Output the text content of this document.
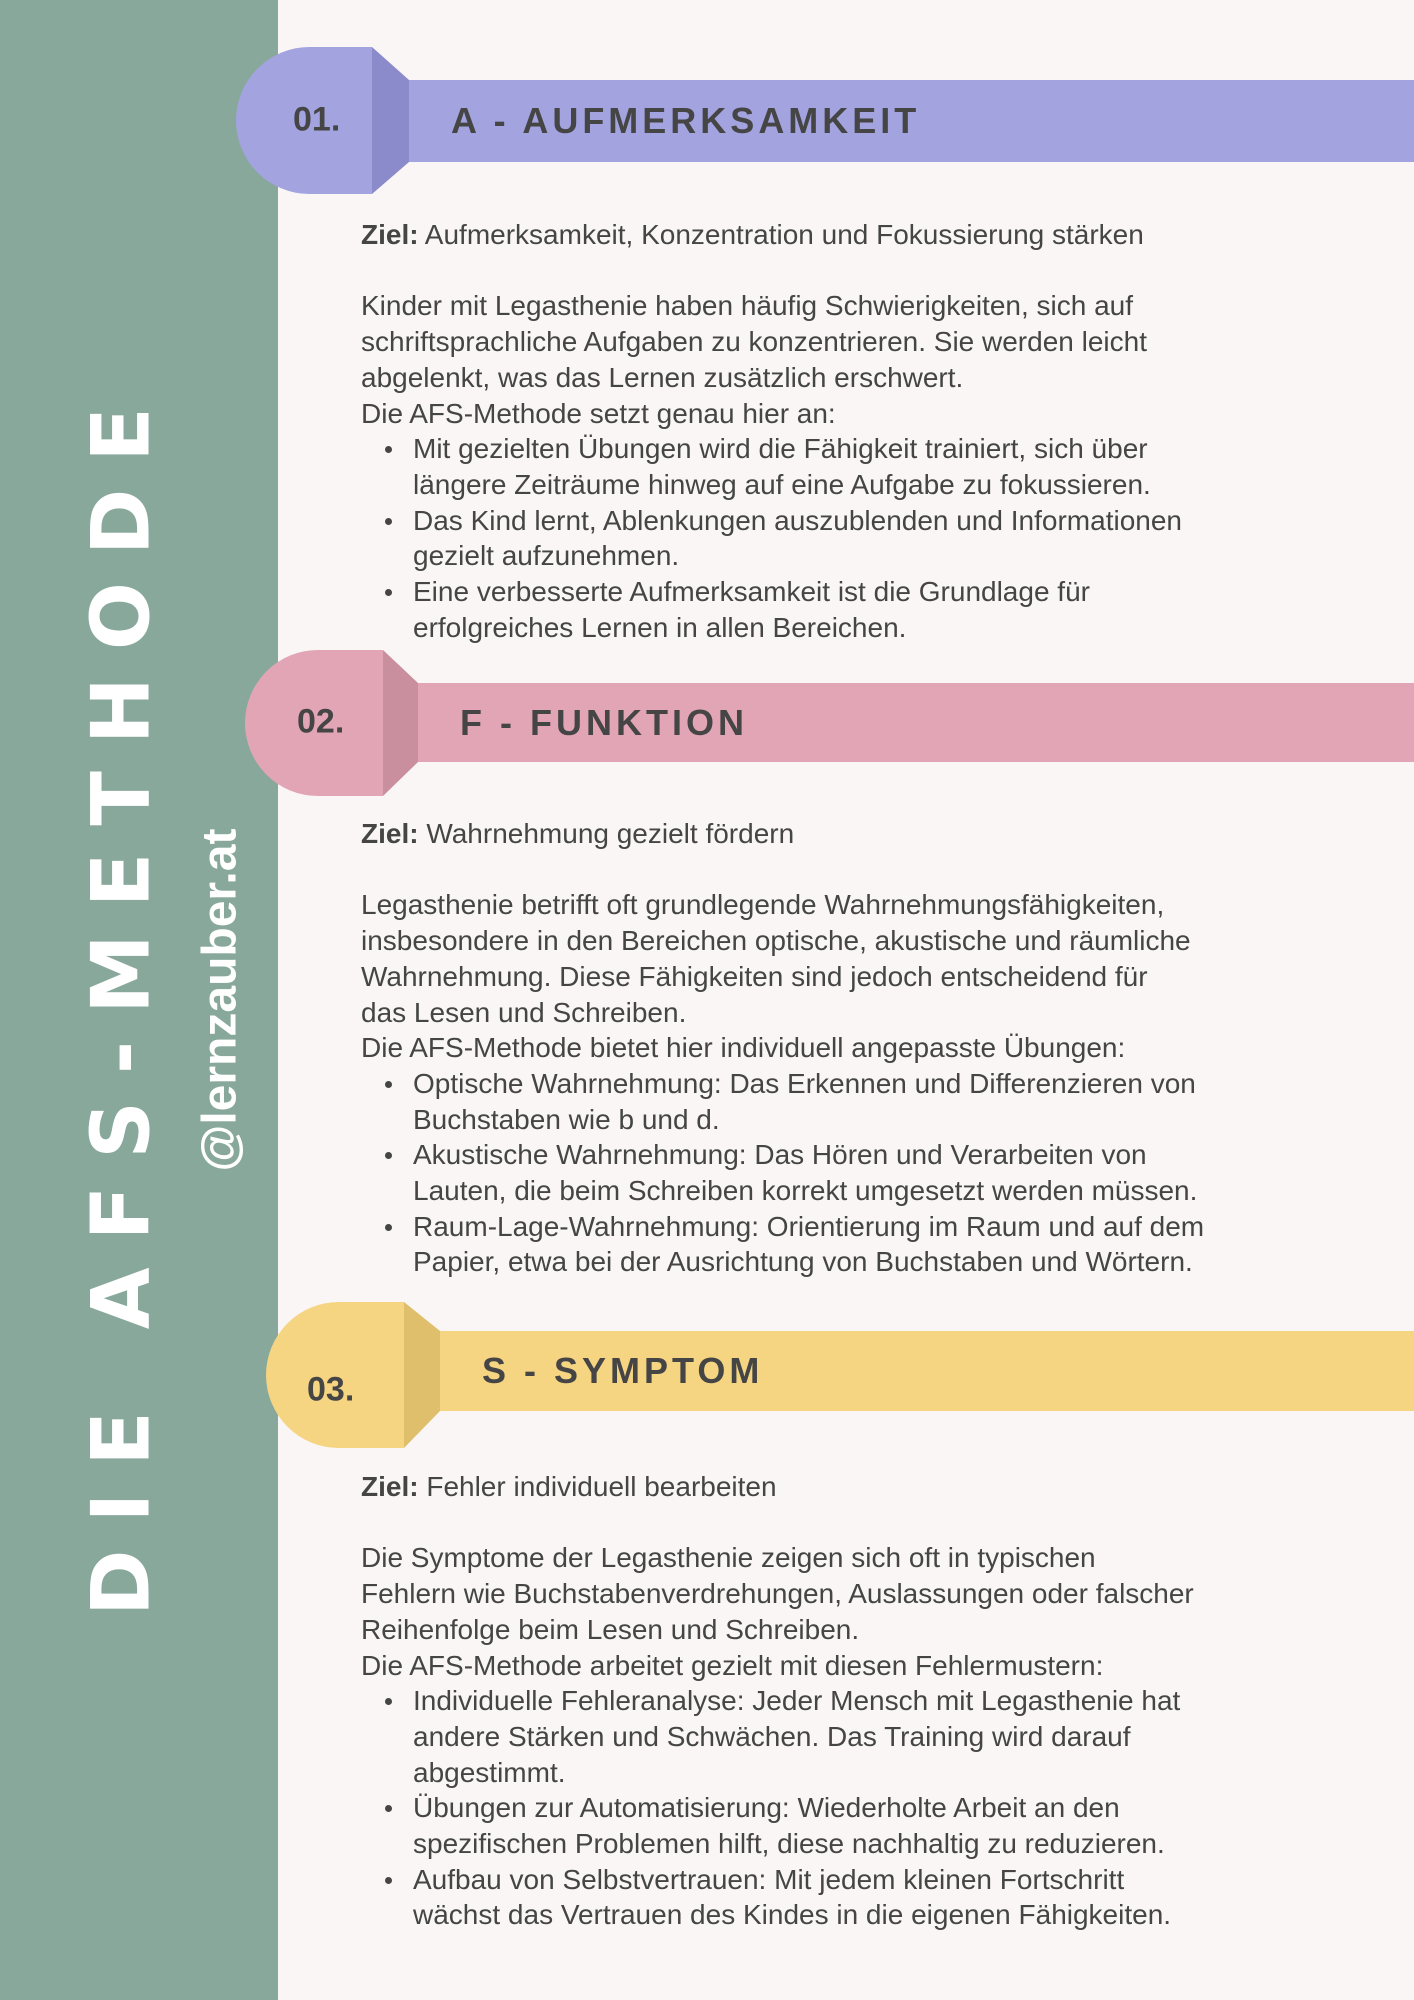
DIE AFS-METHODE @lernzauber.at
01.	A - AUFMERKSAMKEIT

Ziel: Aufmerksamkeit, Konzentration und Fokussierung stärken

Kinder mit Legasthenie haben häufig Schwierigkeiten, sich auf

schriftsprachliche Aufgaben zu konzentrieren. Sie werden leicht

abgelenkt, was das Lernen zusätzlich erschwert.

Die AFS-Methode setzt genau hier an:

Mit gezielten Übungen wird die Fähigkeit trainiert, sich über
längere Zeiträume hinweg auf eine Aufgabe zu fokussieren.
Das Kind lernt, Ablenkungen auszublenden und Informationen
gezielt aufzunehmen.
Eine verbesserte Aufmerksamkeit ist die Grundlage für
erfolgreiches Lernen in allen Bereichen.
02.	F - FUNKTION

Ziel: Wahrnehmung gezielt fördern

Legasthenie betrifft oft grundlegende Wahrnehmungsfähigkeiten,

insbesondere in den Bereichen optische, akustische und räumliche

Wahrnehmung. Diese Fähigkeiten sind jedoch entscheidend für

das Lesen und Schreiben.

Die AFS-Methode bietet hier individuell angepasste Übungen:

Optische Wahrnehmung: Das Erkennen und Differenzieren von
Buchstaben wie b und d.
Akustische Wahrnehmung: Das Hören und Verarbeiten von
Lauten, die beim Schreiben korrekt umgesetzt werden müssen.
Raum-Lage-Wahrnehmung: Orientierung im Raum und auf dem
Papier, etwa bei der Ausrichtung von Buchstaben und Wörtern.
03.	S - SYMPTOM

Ziel: Fehler individuell bearbeiten

Die Symptome der Legasthenie zeigen sich oft in typischen

Fehlern wie Buchstabenverdrehungen, Auslassungen oder falscher

Reihenfolge beim Lesen und Schreiben.

Die AFS-Methode arbeitet gezielt mit diesen Fehlermustern:

Individuelle Fehleranalyse: Jeder Mensch mit Legasthenie hat
andere Stärken und Schwächen. Das Training wird darauf
abgestimmt.
Übungen zur Automatisierung: Wiederholte Arbeit an den
spezifischen Problemen hilft, diese nachhaltig zu reduzieren.
Aufbau von Selbstvertrauen: Mit jedem kleinen Fortschritt
wächst das Vertrauen des Kindes in die eigenen Fähigkeiten.
